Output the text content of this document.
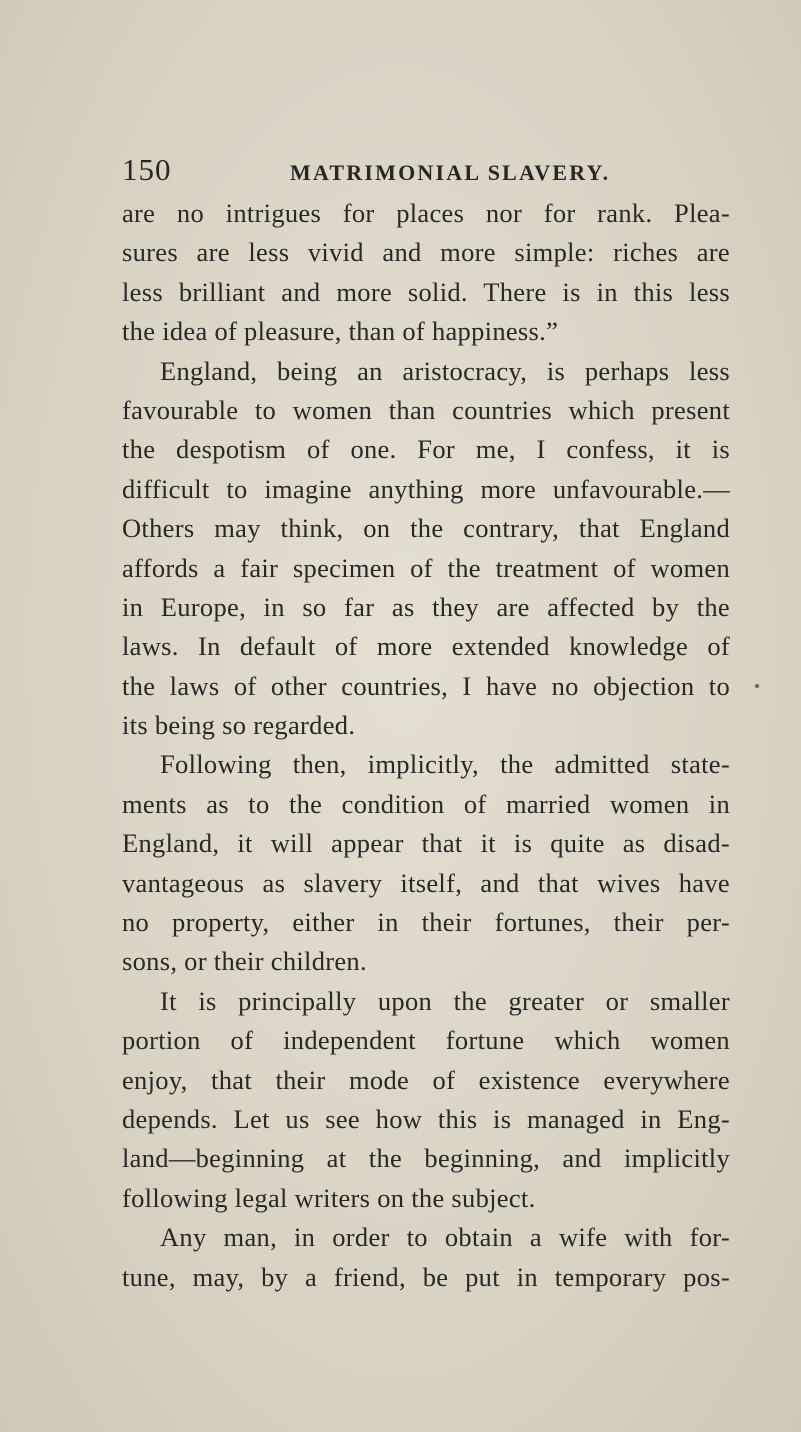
150	MATRIMONIAL SLAVERY.
are no intrigues for places nor for rank. Plea-
sures are less vivid and more simple: riches are
less brilliant and more solid. There is in this less
the idea of pleasure, than of happiness.”
England, being an aristocracy, is perhaps less
favourable to women than countries which present
the despotism of one. For me, I confess, it is
difficult to imagine anything more unfavourable.—
Others may think, on the contrary, that England
affords a fair specimen of the treatment of women
in Europe, in so far as they are affected by the
laws. In default of more extended knowledge of
the laws of other countries, I have no objection to
its being so regarded.
Following then, implicitly, the admitted state-
ments as to the condition of married women in
England, it will appear that it is quite as disad-
vantageous as slavery itself, and that wives have
no property, either in their fortunes, their per-
sons, or their children.
It is principally upon the greater or smaller
portion of independent fortune which women
enjoy, that their mode of existence everywhere
depends. Let us see how this is managed in Eng-
land—beginning at the beginning, and implicitly
following legal writers on the subject.
Any man, in order to obtain a wife with for-
tune, may, by a friend, be put in temporary pos-
